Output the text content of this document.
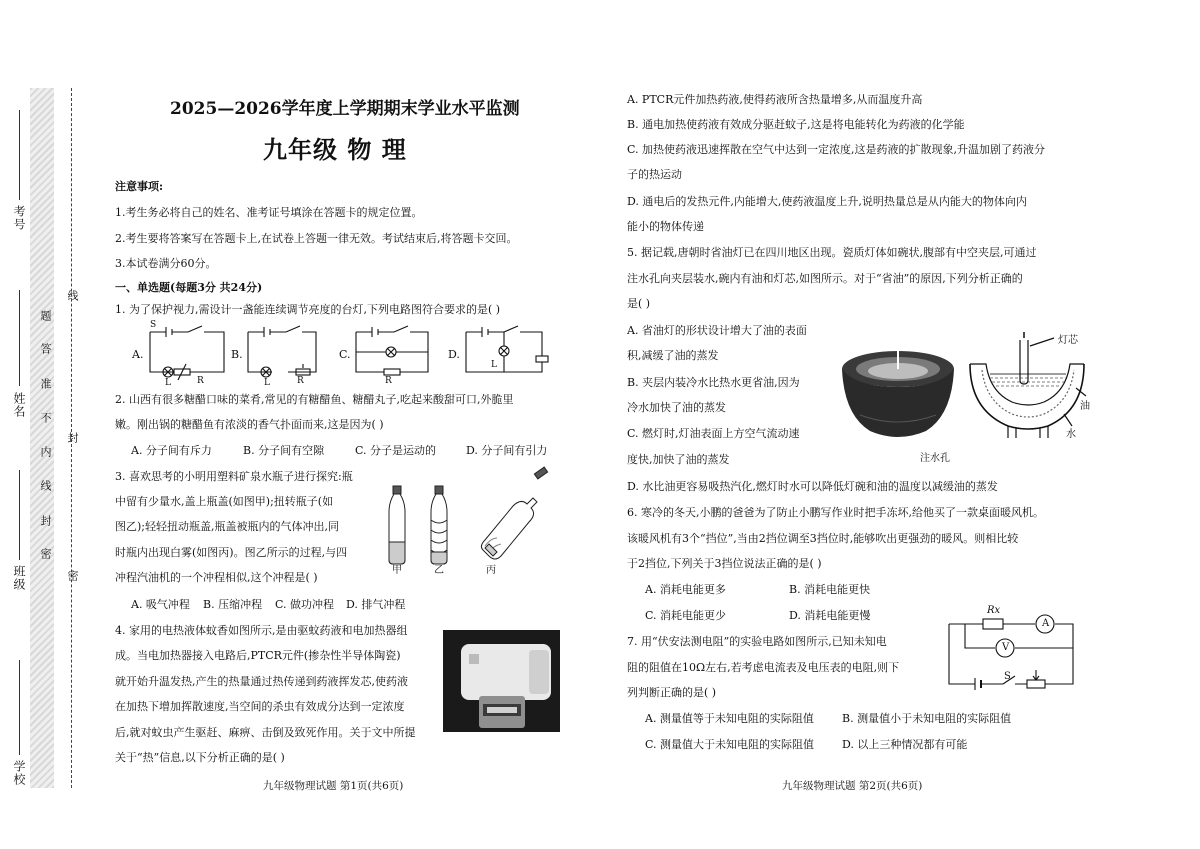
线
封
密
题
答
准
不
内
线
封
密
考号
姓名
班级
学校
2025—2026学年度上学期期末学业水平监测
九年级 物 理
注意事项:
1.考生务必将自己的姓名、准考证号填涂在答题卡的规定位置。
2.考生要将答案写在答题卡上,在试卷上答题一律无效。考试结束后,将答题卡交回。
3.本试卷满分60分。
一、单选题(每题3分 共24分)
1. 为了保护视力,需设计一盏能连续调节亮度的台灯,下列电路图符合要求的是( )
A.
S
L	R
B.
L	R
C.
R
D.
L
2. 山西有很多糖醋口味的菜肴,常见的有糖醋鱼、糖醋丸子,吃起来酸甜可口,外脆里
嫩。刚出锅的糖醋鱼有浓淡的香气扑面而来,这是因为( )
A. 分子间有斥力	B. 分子间有空隙	C. 分子是运动的	D. 分子间有引力
3. 喜欢思考的小明用塑料矿泉水瓶子进行探究:瓶
中留有少量水,盖上瓶盖(如图甲);扭转瓶子(如
图乙);轻轻扭动瓶盖,瓶盖被瓶内的气体冲出,同
时瓶内出现白雾(如图丙)。图乙所示的过程,与四
冲程汽油机的一个冲程相似,这个冲程是( )
A. 吸气冲程 B. 压缩冲程 C. 做功冲程 D. 排气冲程
甲	乙	丙
4. 家用的电热液体蚊香如图所示,是由驱蚊药液和电加热器组
成。当电加热器接入电路后,PTCR元件(掺杂性半导体陶瓷)
就开始升温发热,产生的热量通过热传递到药液挥发芯,使药液
在加热下增加挥散速度,当空间的杀虫有效成分达到一定浓度
后,就对蚊虫产生驱赶、麻痹、击倒及致死作用。关于文中所提
关于“热”信息,以下分析正确的是( )
九年级物理试题 第1页(共6页)
A. PTCR元件加热药液,使得药液所含热量增多,从而温度升高
B. 通电加热使药液有效成分驱赶蚊子,这是将电能转化为药液的化学能
C. 加热使药液迅速挥散在空气中达到一定浓度,这是药液的扩散现象,升温加剧了药液分
子的热运动
D. 通电后的发热元件,内能增大,使药液温度上升,说明热量总是从内能大的物体向内
能小的物体传递
5. 据记载,唐朝时省油灯已在四川地区出现。瓷质灯体如碗状,腹部有中空夹层,可通过
注水孔向夹层装水,碗内有油和灯芯,如图所示。对于“省油”的原因,下列分析正确的
是( )
A. 省油灯的形状设计增大了油的表面
积,减缓了油的蒸发
B. 夹层内装冷水比热水更省油,因为
冷水加快了油的蒸发
C. 燃灯时,灯油表面上方空气流动速
度快,加快了油的蒸发
D. 水比油更容易吸热汽化,燃灯时水可以降低灯碗和油的温度以减缓油的蒸发
灯芯
注水孔
油
水
6. 寒冷的冬天,小鹏的爸爸为了防止小鹏写作业时把手冻坏,给他买了一款桌面暖风机。
该暖风机有3个“挡位”,当由2挡位调至3挡位时,能够吹出更强劲的暖风。则相比较
于2挡位,下列关于3挡位说法正确的是( )
A. 消耗电能更多	B. 消耗电能更快
C. 消耗电能更少	D. 消耗电能更慢
7. 用“伏安法测电阻”的实验电路如图所示,已知未知电
阻的阻值在10Ω左右,若考虑电流表及电压表的电阻,则下
列判断正确的是( )
Rx
A
V
S
A. 测量值等于未知电阻的实际阻值	B. 测量值小于未知电阻的实际阻值
C. 测量值大于未知电阻的实际阻值	D. 以上三种情况都有可能
九年级物理试题 第2页(共6页)
